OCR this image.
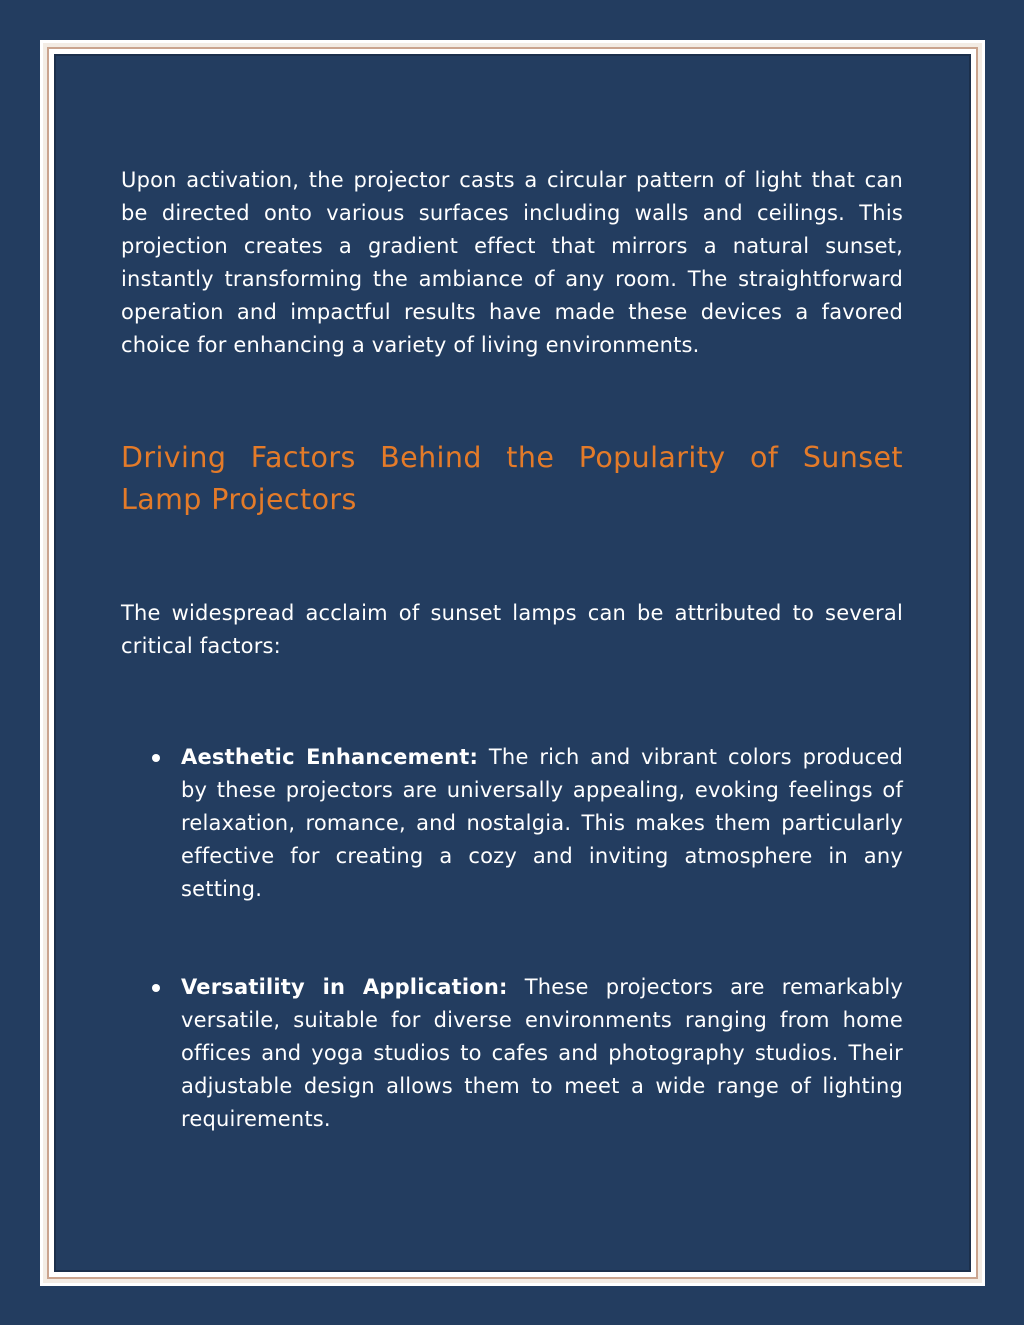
Upon activation, the projector casts a circular pattern of light that can be directed onto various surfaces including walls and ceilings. This projection creates a gradient effect that mirrors a natural sunset, instantly transforming the ambiance of any room. The straightforward operation and impactful results have made these devices a favored choice for enhancing a variety of living environments.

Driving Factors Behind the Popularity of Sunset Lamp Projectors

The widespread acclaim of sunset lamps can be attributed to several critical factors:

Aesthetic Enhancement: The rich and vibrant colors produced by these projectors are universally appealing, evoking feelings of relaxation, romance, and nostalgia. This makes them particularly effective for creating a cozy and inviting atmosphere in any setting.

Versatility in Application: These projectors are remarkably versatile, suitable for diverse environments ranging from home offices and yoga studios to cafes and photography studios. Their adjustable design allows them to meet a wide range of lighting requirements.
